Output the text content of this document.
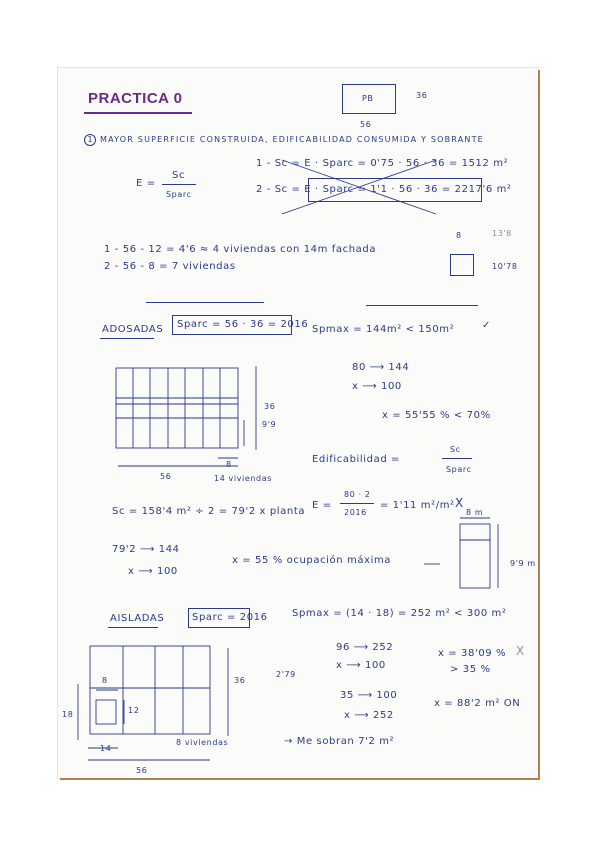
PRACTICA 0	PB	36
56
1 MAYOR SUPERFICIE CONSTRUIDA, EDIFICABILIDAD CONSUMIDA Y SOBRANTE
E =
Sc
Sparc
1 - Sc = E · Sparc = 0'75 · 56 · 36 = 1512 m²
2 - Sc = E · Sparc = 1'1 · 56 · 36 = 2217'6 m²
1 - 56 - 12 = 4'6 ≈ 4 viviendas con 14m fachada
2 - 56 - 8 = 7 viviendas
8	13'8
10'78
ADOSADAS Sparc = 56 · 36 = 2016 Spmax = 144m² < 150m²	✓
80 ⟶ 144
x ⟶ 100
x = 55'55 % < 70%
36
9'9
8
56	14 viviendas
Edificabilidad =
Sc
Sparc
Sc = 158'4 m² ÷ 2 = 79'2 x planta
E =
80 · 2
2016
= 1'11 m²/m² X
79'2 ⟶ 144
x ⟶ 100
x = 55 % ocupación máxima
8 m
9'9 m
AISLADAS	Sparc = 2016 Spmax = (14 · 18) = 252 m² < 300 m²
36
2'79
8
12
18
14
56
8 viviendas
96 ⟶ 252
x ⟶ 100
x = 38'09 %
> 35 %
X
35 ⟶ 100
x ⟶ 252
x = 88'2 m² ON
→ Me sobran 7'2 m²
